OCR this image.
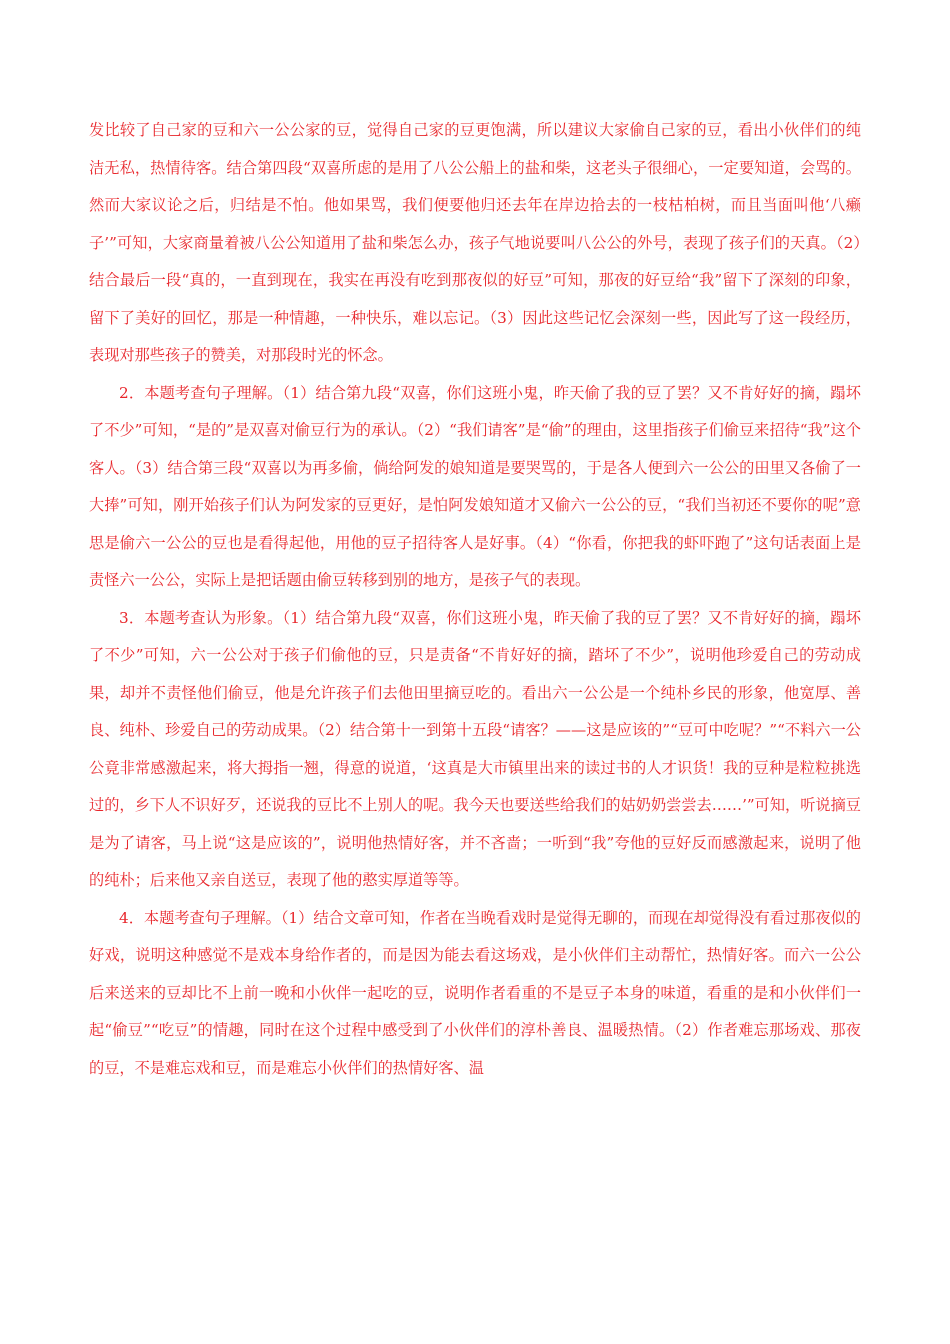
发比较了自己家的豆和六一公公家的豆，觉得自己家的豆更饱满，所以建议大家偷自己家的豆，看出小伙伴们的纯洁无私，热情待客。结合第四段“双喜所虑的是用了八公公船上的盐和柴，这老头子很细心，一定要知道，会骂的。然而大家议论之后，归结是不怕。他如果骂，我们便要他归还去年在岸边拾去的一枝枯柏树，而且当面叫他‘八癞子’”可知，大家商量着被八公公知道用了盐和柴怎么办，孩子气地说要叫八公公的外号，表现了孩子们的天真。（2）结合最后一段“真的，一直到现在，我实在再没有吃到那夜似的好豆”可知，那夜的好豆给“我”留下了深刻的印象，留下了美好的回忆，那是一种情趣，一种快乐，难以忘记。（3）因此这些记忆会深刻一些，因此写了这一段经历，表现对那些孩子的赞美，对那段时光的怀念。

2．本题考查句子理解。（1）结合第九段“双喜，你们这班小鬼，昨天偷了我的豆了罢？又不肯好好的摘，蹋坏了不少”可知，“是的”是双喜对偷豆行为的承认。（2）“我们请客”是“偷”的理由，这里指孩子们偷豆来招待“我”这个客人。（3）结合第三段“双喜以为再多偷，倘给阿发的娘知道是要哭骂的，于是各人便到六一公公的田里又各偷了一大捧”可知，刚开始孩子们认为阿发家的豆更好，是怕阿发娘知道才又偷六一公公的豆，“我们当初还不要你的呢”意思是偷六一公公的豆也是看得起他，用他的豆子招待客人是好事。（4）“你看，你把我的虾吓跑了”这句话表面上是责怪六一公公，实际上是把话题由偷豆转移到别的地方，是孩子气的表现。

3．本题考查认为形象。（1）结合第九段“双喜，你们这班小鬼，昨天偷了我的豆了罢？又不肯好好的摘，蹋坏了不少”可知，六一公公对于孩子们偷他的豆，只是责备“不肯好好的摘，踏坏了不少”，说明他珍爱自己的劳动成果，却并不责怪他们偷豆，他是允许孩子们去他田里摘豆吃的。看出六一公公是一个纯朴乡民的形象，他宽厚、善良、纯朴、珍爱自己的劳动成果。（2）结合第十一到第十五段“请客？——这是应该的”“豆可中吃呢？”“不料六一公公竟非常感激起来，将大拇指一翘，得意的说道，‘这真是大市镇里出来的读过书的人才识货！我的豆种是粒粒挑选过的，乡下人不识好歹，还说我的豆比不上别人的呢。我今天也要送些给我们的姑奶奶尝尝去……’”可知，听说摘豆是为了请客，马上说“这是应该的”，说明他热情好客，并不吝啬；一听到“我”夸他的豆好反而感激起来，说明了他的纯朴；后来他又亲自送豆，表现了他的憨实厚道等等。

4．本题考查句子理解。（1）结合文章可知，作者在当晚看戏时是觉得无聊的，而现在却觉得没有看过那夜似的好戏，说明这种感觉不是戏本身给作者的，而是因为能去看这场戏，是小伙伴们主动帮忙，热情好客。而六一公公后来送来的豆却比不上前一晚和小伙伴一起吃的豆，说明作者看重的不是豆子本身的味道，看重的是和小伙伴们一起“偷豆”“吃豆”的情趣，同时在这个过程中感受到了小伙伴们的淳朴善良、温暖热情。（2）作者难忘那场戏、那夜的豆，不是难忘戏和豆，而是难忘小伙伴们的热情好客、温
